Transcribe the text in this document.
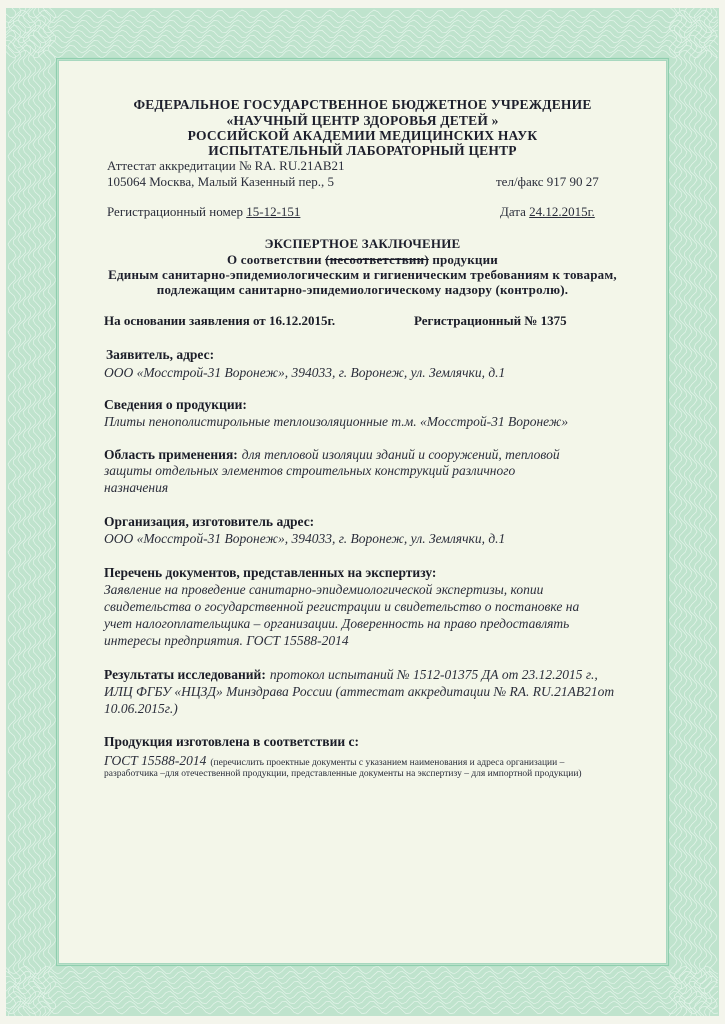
ФЕДЕРАЛЬНОЕ ГОСУДАРСТВЕННОЕ БЮДЖЕТНОЕ УЧРЕЖДЕНИЕ
«НАУЧНЫЙ ЦЕНТР ЗДОРОВЬЯ ДЕТЕЙ »
РОССИЙСКОЙ АКАДЕМИИ МЕДИЦИНСКИХ НАУК
ИСПЫТАТЕЛЬНЫЙ ЛАБОРАТОРНЫЙ ЦЕНТР
Аттестат аккредитации № RA. RU.21AB21
105064 Москва, Малый Казенный пер., 5	тел/факс 917 90 27
Регистрационный номер 15-12-151	Дата 24.12.2015г.
ЭКСПЕРТНОЕ ЗАКЛЮЧЕНИЕ
О соответствии (несоответствии) продукции
Единым санитарно-эпидемиологическим и гигиеническим требованиям к товарам,
подлежащим санитарно-эпидемиологическому надзору (контролю).
На основании заявления от 16.12.2015г.	Регистрационный № 1375
Заявитель, адрес:
ООО «Мосстрой-31 Воронеж», 394033, г. Воронеж, ул. Землячки, д.1
Сведения о продукции:
Плиты пенополистирольные теплоизоляционные т.м. «Мосстрой-31 Воронеж»
Область применения: для тепловой изоляции зданий и сооружений, тепловой
защиты отдельных элементов строительных конструкций различного
назначения
Организация, изготовитель адрес:
ООО «Мосстрой-31 Воронеж», 394033, г. Воронеж, ул. Землячки, д.1
Перечень документов, представленных на экспертизу:
Заявление на проведение санитарно-эпидемиологической экспертизы, копии
свидетельства о государственной регистрации и свидетельство о постановке на
учет налогоплательщика – организации. Доверенность на право предоставлять
интересы предприятия. ГОСТ 15588-2014
Результаты исследований: протокол испытаний № 1512-01375 ДА от 23.12.2015 г.,
ИЛЦ ФГБУ «НЦЗД» Минздрава России (аттестат аккредитации № RA. RU.21AB21от
10.06.2015г.)
Продукция изготовлена в соответствии с:
ГОСТ 15588-2014 (перечислить проектные документы с указанием наименования и адреса организации –
разработчика –для отечественной продукции, представленные документы на экспертизу – для импортной продукции)
